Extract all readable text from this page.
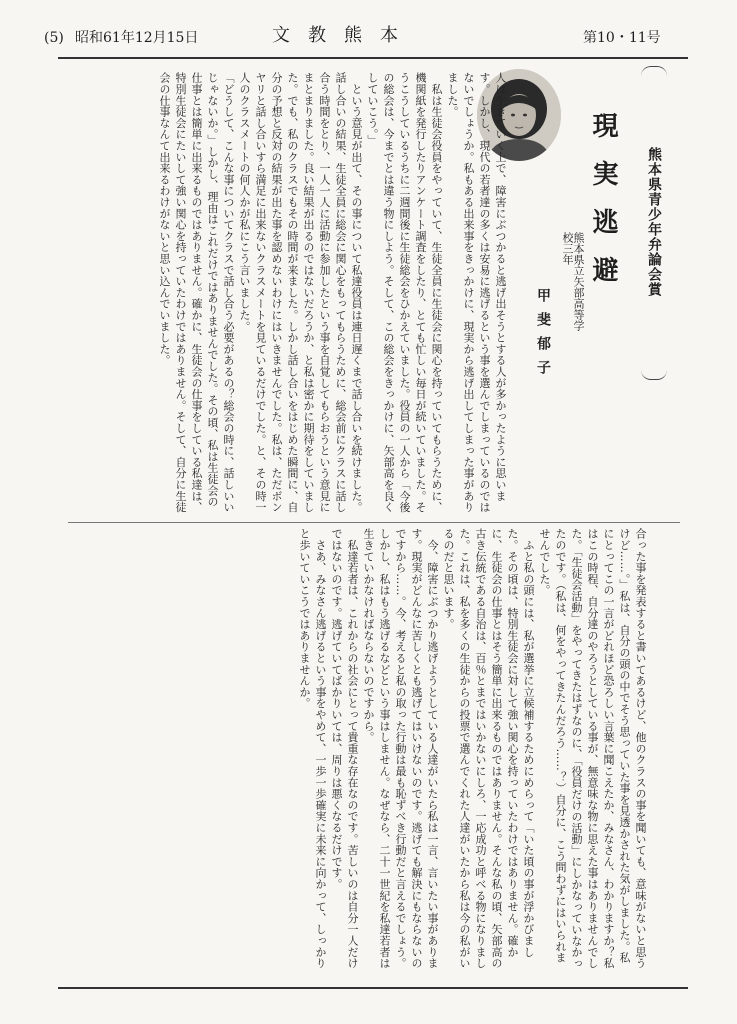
(5) 昭和61年12月15日	文教熊本	第10・11号
熊本県青少年弁論会賞
現実逃避
熊本県立矢部高等学校三年
甲斐郁子

人は生きていく上で、障害にぶつかると逃げ出そうとする人が多かったように思います。しかし、現代の若者達の多くは安易に逃げるという事を選んでしまっているのではないでしょうか。私もある出来事をきっかけに、現実から逃げ出してしまった事がありました。
　私は生徒会役員をやっていて、生徒全員に生徒会に関心を持っていてもらうために、機関紙を発行したりアンケート調査をしたり、とても忙しい毎日が続いていました。そうこうしているうちに二週間後に生徒総会をひかえていました。役員の一人から「今後の総会は、今までとは違う物にしよう。そして、この総会をきっかけに、矢部高を良くしていこう。」
　という意見が出て、その事について私達役員は連日遅くまで話し合いを続けました。話し合いの結果、生徒全員に総会に関心をもってもらうために、総会前にクラスに話し合う時間をとり、一人一人に活動に参加したという事を自覚してもらおうという意見にまとまりました。良い結果が出るのではないだろうか、と私は密かに期待をしていました。でも、私のクラスでもその時間が来ました。しかし話し合いをはじめた瞬間に、自分の予想と反対の結果が出た事を認めないわけにはいきませんでした。私は、ただボンヤリと話し合いすら満足に出来ないクラスメートを見ているだけでした。と、その時一人のクラスメートの何人かが私にこう言いました。
「どうして、こんな事についてクラスで話し合う必要があるの？総会の時に、話しいいじゃないか。」しかし、理由はこれだけではありませんでした。その頃、私は生徒会の仕事とは簡単に出来るものではありません。確かに、生徒会の仕事をしている私達は、特別生徒会にたいして強い関心を持っていたわけではありません。そして、自分に生徒会の仕事なんて出来るわけがないと思い込んでいました。

合った事を発表すると書いてあるけど、他のクラスの事を聞いても、意味がないと思うけど……。」私は、自分の頭の中でそう思っていた事を見透かされた気がしました。私にとってこの一言がどれほど恐ろしい言葉に聞こえたか、みなさん、わかりますか？私はこの時程、自分達のやろうとしている事が、無意味な物に思えた事はありませんでした。「生徒会活動」をやってきたはずなのに、「役員だけの活動」にしかなっていなかったのです。（私は、何をやってきたんだろう……？）自分に、こう問わずにはいられませんでした。
　ふと私の頭には、私が選挙に立候補するためにめらって「いた頃の事が浮かびました。その頃は、特別生徒会に対して強い関心を持っていたわけではありません。確かに、生徒会の仕事とはそう簡単に出来るものではありません。そんな私の頃、矢部高の古き伝統である自治は、百％とまではいかないにしろ、一応成功と呼べる物になりました。これは、私を多くの生徒からの投票で選んでくれた人達がいたから私は今の私がいるのだと思います。
　今、障害にぶつかり逃げようとしている人達がいたら私は一言、言いたい事があります。現実がどんなに苦しくとも逃げてはいけないのです。逃げても解決にもならないのですから……。今、考えると私の取った行動は最も恥ずべき行動だと言えるでしょう。しかし、私はもう逃げるなどという事はしません。なぜなら、二十一世紀を私達若者は生きていかなければならないのですから。
　私達若者は、これからの社会にとって貴重な存在なのです。苦しいのは自分一人だけではないのです。逃げていてばかりいては、周りは悪くなるだけです。
　さあ、みなさん逃げるという事をやめて、一歩一歩確実に未来に向かって、しっかりと歩いていこうではありませんか。
